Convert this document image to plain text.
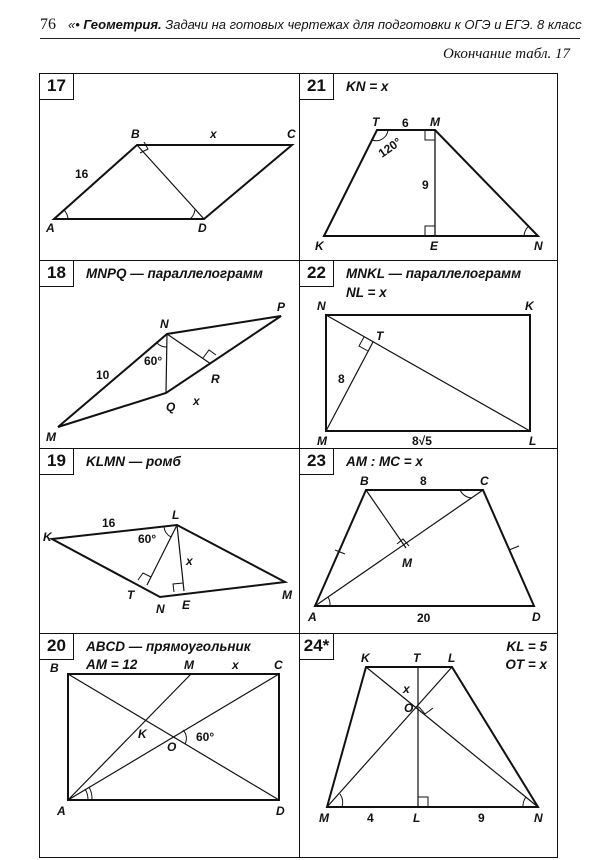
76 «• Геометрия. Задачи на готовых чертежах для подготовки к ОГЭ и ЕГЭ. 8 класс
Окончание табл. 17
17
A
B	C
D
x
16
21	KN = x
T	M
K	E	N
6
120°
9
18	MNPQ — параллелограмм
M
N
P
Q
R
x
10
60°
22	MNKL — параллелограмм
NL = x
N	K
M	L
T
8
8√5
19	KLMN — ромб
K
L
M
N
T
E
x
16
60°
23	AM : MC = x
A
B	C
D
M
8
20
20	ABCD — прямоугольник
AM = 12
B	M	C
x
K
O
60°
A	D
24*	KL = 5
OT = x
K	T L
x
O
M	L	N
4	9
